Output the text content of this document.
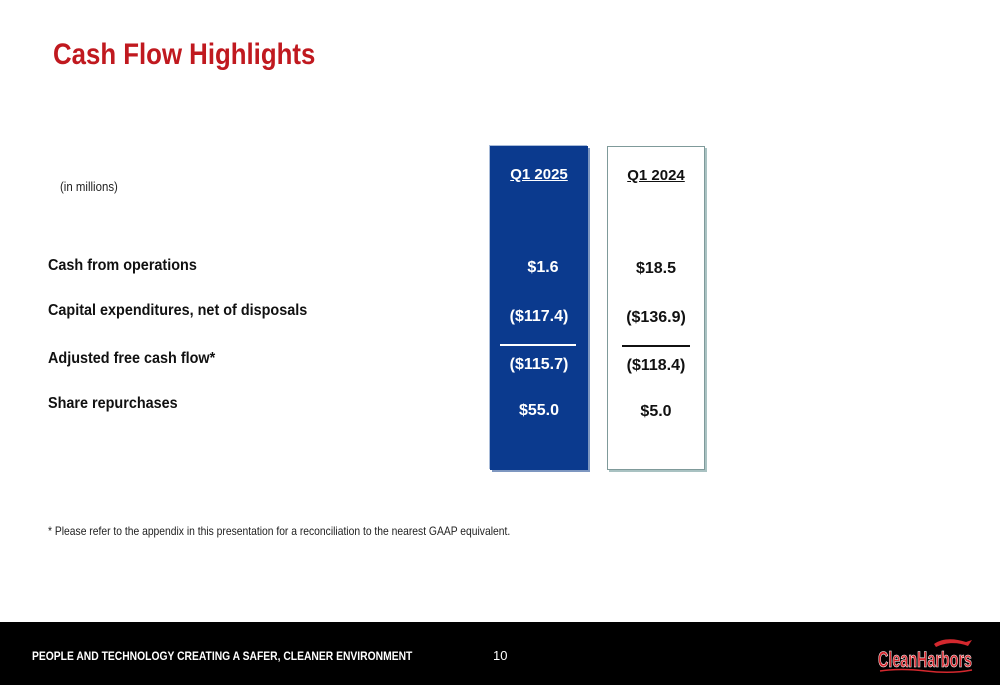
Cash Flow Highlights
(in millions)
Q1 2025
$1.6
($117.4)
($115.7)
$55.0
Q1 2024
$18.5
($136.9)
($118.4)
$5.0
Cash from operations
Capital expenditures, net of disposals
Adjusted free cash flow*
Share repurchases
* Please refer to the appendix in this presentation for a reconciliation to the nearest GAAP equivalent.
PEOPLE AND TECHNOLOGY CREATING A SAFER, CLEANER ENVIRONMENT	10	CleanHarbors
